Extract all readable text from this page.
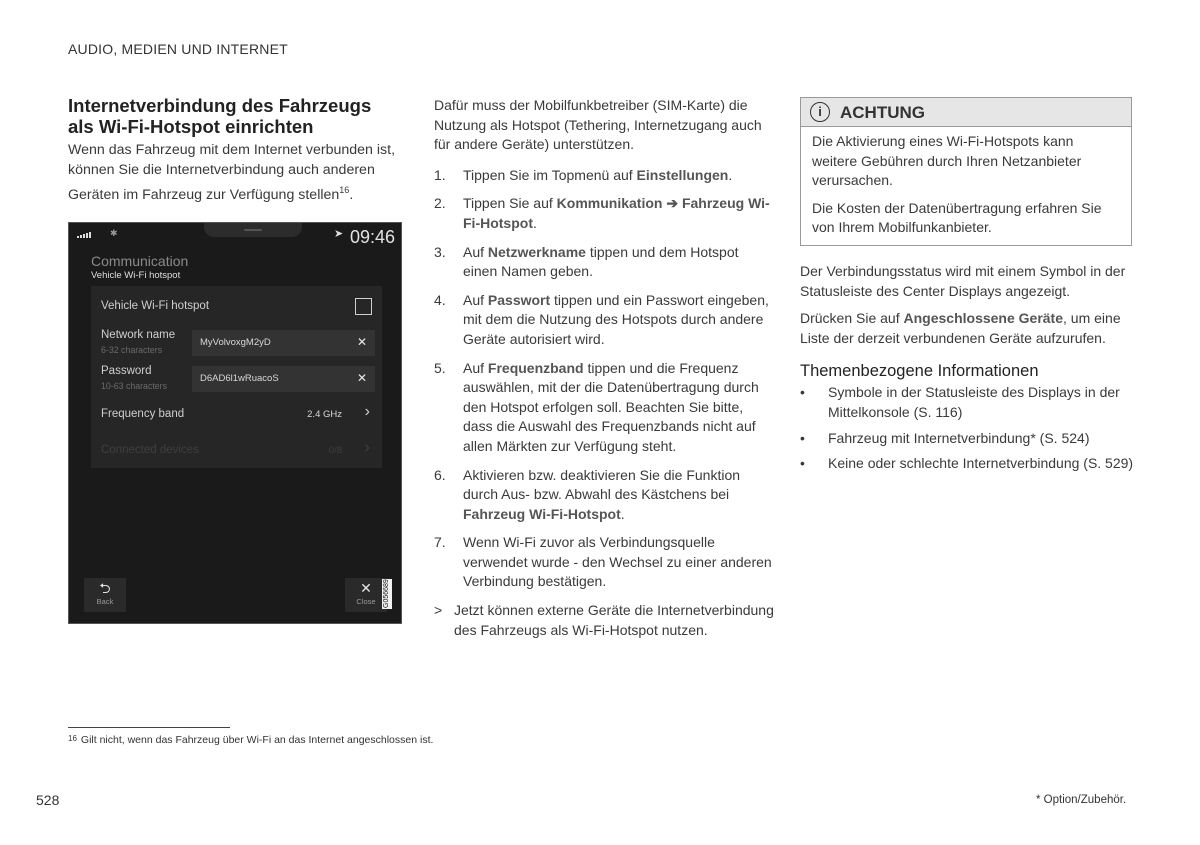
AUDIO, MEDIEN UND INTERNET
Internetverbindung des Fahrzeugs als Wi-Fi-Hotspot einrichten

Wenn das Fahrzeug mit dem Internet verbunden ist, können Sie die Internetverbindung auch anderen Geräten im Fahrzeug zur Verfügung stellen$^{16}$.

✱	➤ 09:46
Communication
Vehicle Wi-Fi hotspot
Vehicle Wi-Fi hotspot
Network name
6-32 characters
MyVolvoxgM2yD	✕
Password
10-63 characters
D6AD6l1wRuacoS	✕
Frequency band	2.4 GHz ›
Connected devices	0/8 ›
⮌
Back
✕
Close	G056689

Dafür muss der Mobilfunkbetreiber (SIM-Karte) die Nutzung als Hotspot (Tethering, Internetzugang auch für andere Geräte) unterstützen.

1. Tippen Sie im Topmenü auf Einstellungen.
2. Tippen Sie auf Kommunikation ➔ Fahrzeug Wi-Fi-Hotspot.
3. Auf Netzwerkname tippen und dem Hotspot einen Namen geben.
4. Auf Passwort tippen und ein Passwort eingeben, mit dem die Nutzung des Hotspots durch andere Geräte autorisiert wird.
5. Auf Frequenzband tippen und die Frequenz auswählen, mit der die Datenübertragung durch den Hotspot erfolgen soll. Beachten Sie bitte, dass die Auswahl des Frequenzbands nicht auf allen Märkten zur Verfügung steht.
6. Aktivieren bzw. deaktivieren Sie die Funktion durch Aus- bzw. Abwahl des Kästchens bei Fahrzeug Wi-Fi-Hotspot.
7. Wenn Wi-Fi zuvor als Verbindungsquelle verwendet wurde - den Wechsel zu einer anderen Verbindung bestätigen.
> Jetzt können externe Geräte die Internetverbindung des Fahrzeugs als Wi-Fi-Hotspot nutzen.
i	ACHTUNG

Die Aktivierung eines Wi-Fi-Hotspots kann weitere Gebühren durch Ihren Netzanbieter verursachen.

Die Kosten der Datenübertragung erfahren Sie von Ihrem Mobilfunkanbieter.

Der Verbindungsstatus wird mit einem Symbol in der Statusleiste des Center Displays angezeigt.

Drücken Sie auf Angeschlossene Geräte, um eine Liste der derzeit verbundenen Geräte aufzurufen.

Themenbezogene Informationen
• Symbole in der Statusleiste des Displays in der Mittelkonsole (S. 116)
• Fahrzeug mit Internetverbindung* (S. 524)
• Keine oder schlechte Internetverbindung (S. 529)
$^{16}$ Gilt nicht, wenn das Fahrzeug über Wi-Fi an das Internet angeschlossen ist.
528	* Option/Zubehör.
